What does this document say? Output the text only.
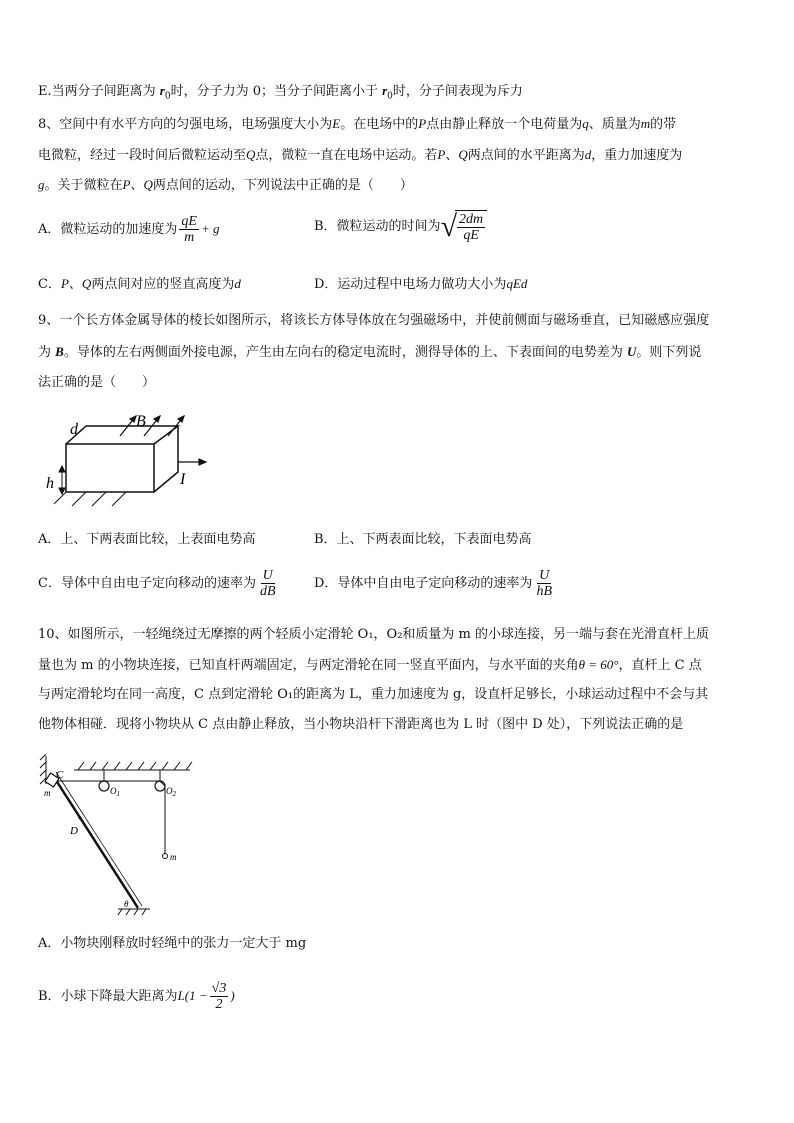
E.当两分子间距离为 $r_0$时，分子力为 0；当分子间距离小于 $r_0$时，分子间表现为斥力
8、空间中有水平方向的匀强电场，电场强度大小为E。在电场中的P点由静止释放一个电荷量为q、质量为m的带
电微粒，经过一段时间后微粒运动至Q点，微粒一直在电场中运动。若P、Q两点间的水平距离为d，重力加速度为
g。关于微粒在P、Q两点间的运动，下列说法中正确的是（　　）
A．微粒运动的加速度为 $\frac{qE}{m} + g$	B．微粒运动的时间为 √ $\frac{2dm}{qE}$
C．P、Q两点间对应的竖直高度为d	D．运动过程中电场力做功大小为qEd
9、一个长方体金属导体的棱长如图所示，将该长方体导体放在匀强磁场中，并使前侧面与磁场垂直，已知磁感应强度
为 B。导体的左右两侧面外接电源，产生由左向右的稳定电流时，测得导体的上、下表面间的电势差为 U。则下列说
法正确的是（　　）
d	B
h	I
A．上、下两表面比较，上表面电势高	B．上、下两表面比较，下表面电势高
C．导体中自由电子定向移动的速率为 $\frac{U}{dB}$	D．导体中自由电子定向移动的速率为 $\frac{U}{hB}$
10、如图所示，一轻绳绕过无摩擦的两个轻质小定滑轮 O₁，O₂和质量为 m 的小球连接，另一端与套在光滑直杆上质
量也为 m 的小物块连接，已知直杆两端固定，与两定滑轮在同一竖直平面内，与水平面的夹角θ = 60°，直杆上 C 点
与两定滑轮均在同一高度，C 点到定滑轮 O₁的距离为 L，重力加速度为 g，设直杆足够长，小球运动过程中不会与其
他物体相碰．现将小物块从 C 点由静止释放，当小物块沿杆下滑距离也为 L 时（图中 D 处），下列说法正确的是
C
m	$O_1$	$O_2$
D
m
θ
A．小物块刚释放时轻绳中的张力一定大于 mg
B．小球下降最大距离为$L(1 - \frac{√3}{2}$ )
